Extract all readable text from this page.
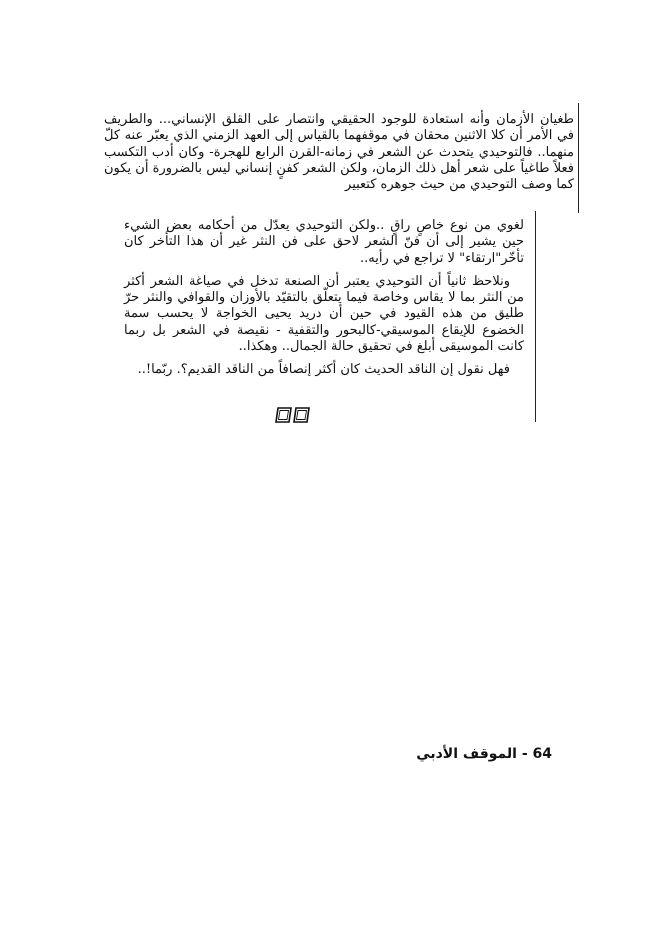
طغيان الأزمان وأنه استعادة للوجود الحقيقي وانتصار على القلق الإنساني... والطريف في الأمر أن كلا الاثنين محقان في موقفهما بالقياس إلى العهد الزمني الذي يعبّر عنه كلّ منهما.. فالتوحيدي يتحدث عن الشعر في زمانه-القرن الرابع للهجرة- وكان أدب التكسب فعلاً طاغياً على شعر أهل ذلك الزمان، ولكن الشعر كفنٍ إنساني ليس بالضرورة أن يكون كما وصف التوحيدي من حيث جوهره كتعبير

لغوي من نوع خاصٍ راقٍ ..ولكن التوحيدي يعدّل من أحكامه بعض الشيء حين يشير إلى أن فنّ الشعر لاحق على فن النثر غير أن هذا التأخر كان تأخّر"ارتقاء" لا تراجع في رأيه..

ونلاحظ ثانياً أن التوحيدي يعتبر أن الصنعة تدخل في صياغة الشعر أكثر من النثر بما لا يقاس وخاصة فيما يتعلّق بالتقيّد بالأوزان والقوافي والنثر حرّ طليق من هذه القيود في حين أن دريد يحيى الخواجة لا يحسب سمة الخضوع للإيقاع الموسيقي-كالبحور والتقفية - نقيصة في الشعر بل ربما كانت الموسيقى أبلغ في تحقيق حالة الجمال.. وهكذا..

فهل نقول إن الناقد الحديث كان أكثر إنصافاً من الناقد القديم؟. ربّما!..

64 - الموقف الأدبي
